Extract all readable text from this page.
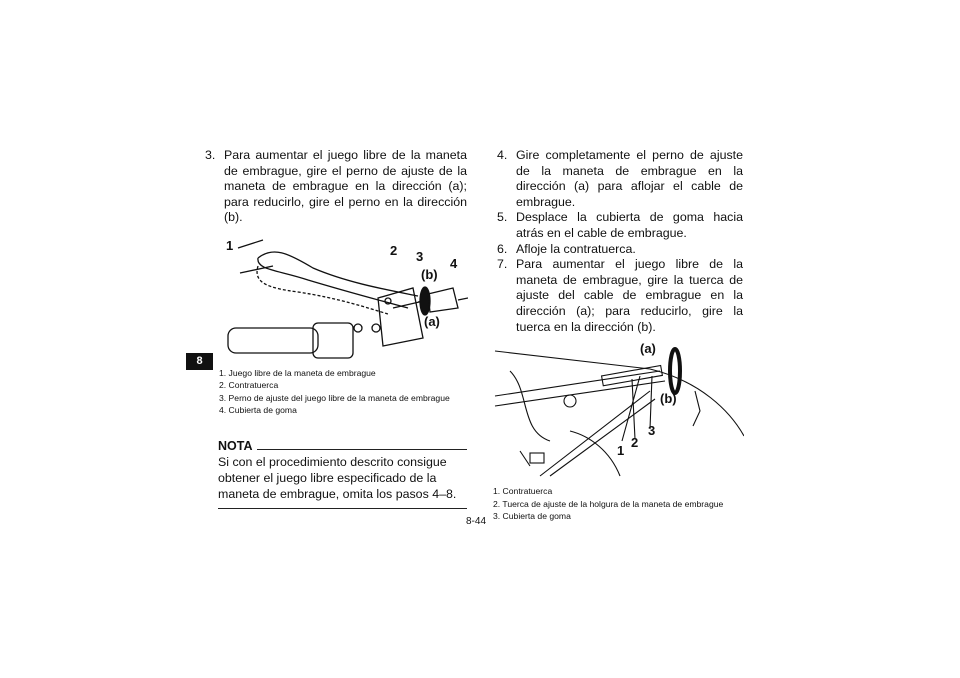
3. Para aumentar el juego libre de la maneta de embrague, gire el perno de ajuste de la maneta de embrague en la dirección (a); para reducirlo, gire el perno en la dirección (b).
1	2 3 4
(a)
(b)
1. Juego libre de la maneta de embrague
2. Contratuerca
3. Perno de ajuste del juego libre de la maneta de embrague
4. Cubierta de goma
NOTA
Si con el procedimiento descrito consigue obtener el juego libre especificado de la maneta de embrague, omita los pasos 4–8.
8
4. Gire completamente el perno de ajuste de la maneta de embrague en la dirección (a) para aflojar el cable de embrague.
5. Desplace la cubierta de goma hacia atrás en el cable de embrague.
6. Afloje la contratuerca.
7. Para aumentar el juego libre de la maneta de embrague, gire la tuerca de ajuste del cable de embrague en la dirección (a); para reducirlo, gire la tuerca en la dirección (b).
1
2
3
(a)
(b)
1. Contratuerca
2. Tuerca de ajuste de la holgura de la maneta de embrague
3. Cubierta de goma
8-44
